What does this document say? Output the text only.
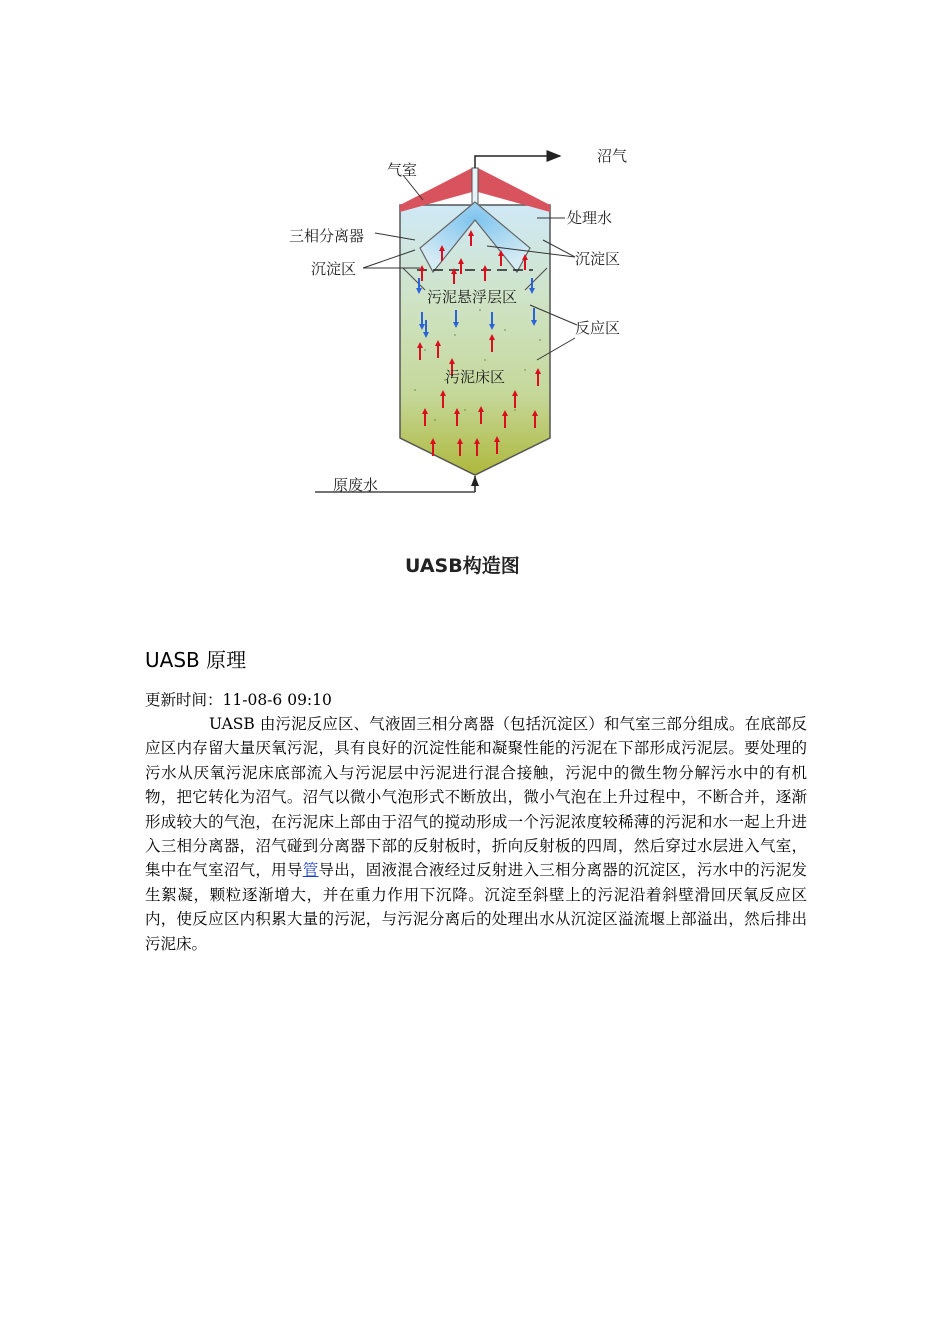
沼气
气室
处理水
三相分离器
沉淀区
沉淀区
污泥悬浮层区
反应区
污泥床区
原废水
UASB构造图
UASB 原理
更新时间：11-08-6 09:10

UASB 由污泥反应区、气液固三相分离器（包括沉淀区）和气室三部分组成。在底部反应区内存留大量厌氧污泥，具有良好的沉淀性能和凝聚性能的污泥在下部形成污泥层。要处理的污水从厌氧污泥床底部流入与污泥层中污泥进行混合接触，污泥中的微生物分解污水中的有机物，把它转化为沼气。沼气以微小气泡形式不断放出，微小气泡在上升过程中，不断合并，逐渐形成较大的气泡，在污泥床上部由于沼气的搅动形成一个污泥浓度较稀薄的污泥和水一起上升进入三相分离器，沼气碰到分离器下部的反射板时，折向反射板的四周，然后穿过水层进入气室，集中在气室沼气，用导管导出，固液混合液经过反射进入三相分离器的沉淀区，污水中的污泥发生絮凝，颗粒逐渐增大，并在重力作用下沉降。沉淀至斜壁上的污泥沿着斜壁滑回厌氧反应区内，使反应区内积累大量的污泥，与污泥分离后的处理出水从沉淀区溢流堰上部溢出，然后排出污泥床。
